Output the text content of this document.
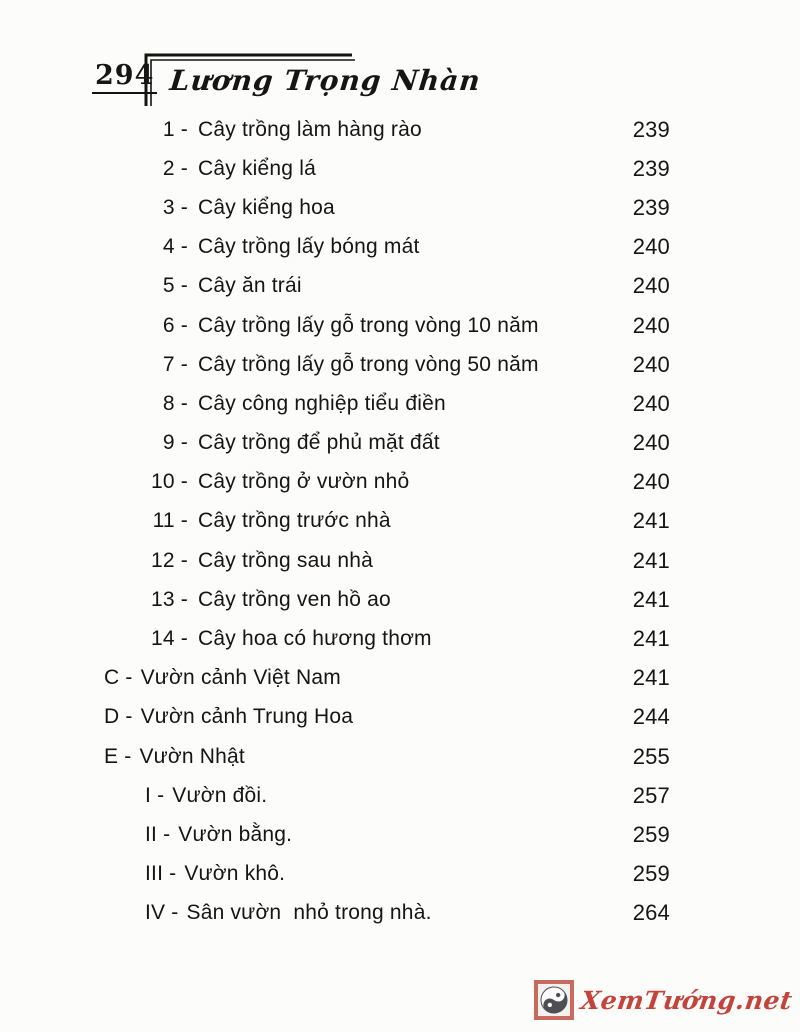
294 Lương Trọng Nhàn
1 - Cây trồng làm hàng rào	239
2 - Cây kiểng lá	239
3 - Cây kiểng hoa	239
4 - Cây trồng lấy bóng mát	240
5 - Cây ăn trái	240
6 - Cây trồng lấy gỗ trong vòng 10 năm	240
7 - Cây trồng lấy gỗ trong vòng 50 năm	240
8 - Cây công nghiệp tiểu điền	240
9 - Cây trồng để phủ mặt đất	240
10 - Cây trồng ở vườn nhỏ	240
11 - Cây trồng trước nhà	241
12 - Cây trồng sau nhà	241
13 - Cây trồng ven hồ ao	241
14 - Cây hoa có hương thơm	241
C - Vườn cảnh Việt Nam	241
D - Vườn cảnh Trung Hoa	244
E - Vườn Nhật	255
I - Vườn đồi.	257
II - Vườn bằng.	259
III - Vườn khô.	259
IV - Sân vườn  nhỏ trong nhà.	264
XemTướng.net
